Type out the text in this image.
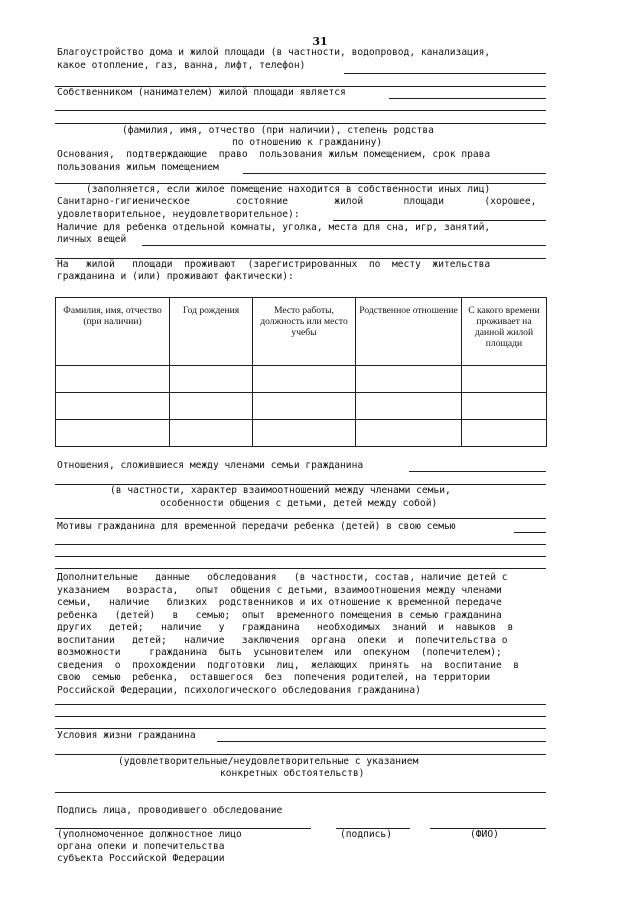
31
Благоустройство дома и жилой площади (в частности, водопровод, канализация,
какое отопление, газ, ванна, лифт, телефон)
Собственником (нанимателем) жилой площади является
(фамилия, имя, отчество (при наличии), степень родства
по отношению к гражданину)
Основания,  подтверждающие  право  пользования жильм помещением, срок права
пользования жильм помещением
(заполняется, если жилое помещение находится в собственности иных лиц)
Санитарно-гигиеническое        состояние        жилой       площади       (хорошее,
удовлетворительное, неудовлетворительное):
Наличие для ребенка отдельной комнаты, уголка, места для сна, игр, занятий,
личных вещей
На   жилой   площади  проживают  (зарегистрированных  по  месту  жительства
гражданина и (или) проживают фактически):
Фамилия, имя, отчество (при наличии)	Год рождения	Место работы, должность или место учебы	Родственное отношение	С какого времени проживает на данной жилой площади

Отношения, сложившиеся между членами семьи гражданина
(в частности, характер взаимоотношений между членами семьи,
особенности общения с детьми, детей между собой)
Мотивы гражданина для временной передачи ребенка (детей) в свою семью
Дополнительные   данные   обследования   (в частности, состав, наличие детей с
указанием   возраста,   опыт  общения с детьми, взаимоотношения между членами
семьи,   наличие   близких  родственников и их отношение к временной передаче
ребенка   (детей)   в   семью;  опыт  временного помещения в семью гражданина
других   детей;   наличие   у   гражданина   необходимых  знаний  и  навыков  в
воспитании   детей;   наличие   заключения  органа  опеки  и  попечительства о
возможности     гражданина  быть  усыновителем  или  опекуном  (попечителем);
сведения  о  прохождении  подготовки  лиц,  желающих  принять  на  воспитание  в
свою  семью  ребенка,  оставшегося  без  попечения родителей, на территории
Российской Федерации, психологического обследования гражданина)
Условия жизни гражданина
(удовлетворительные/неудовлетворительные с указанием
конкретных обстоятельств)
Подпись лица, проводившего обследование
(уполномоченное должностное лицо
органа опеки и попечительства
субъекта Российской Федерации
(подпись)	(ФИО)
